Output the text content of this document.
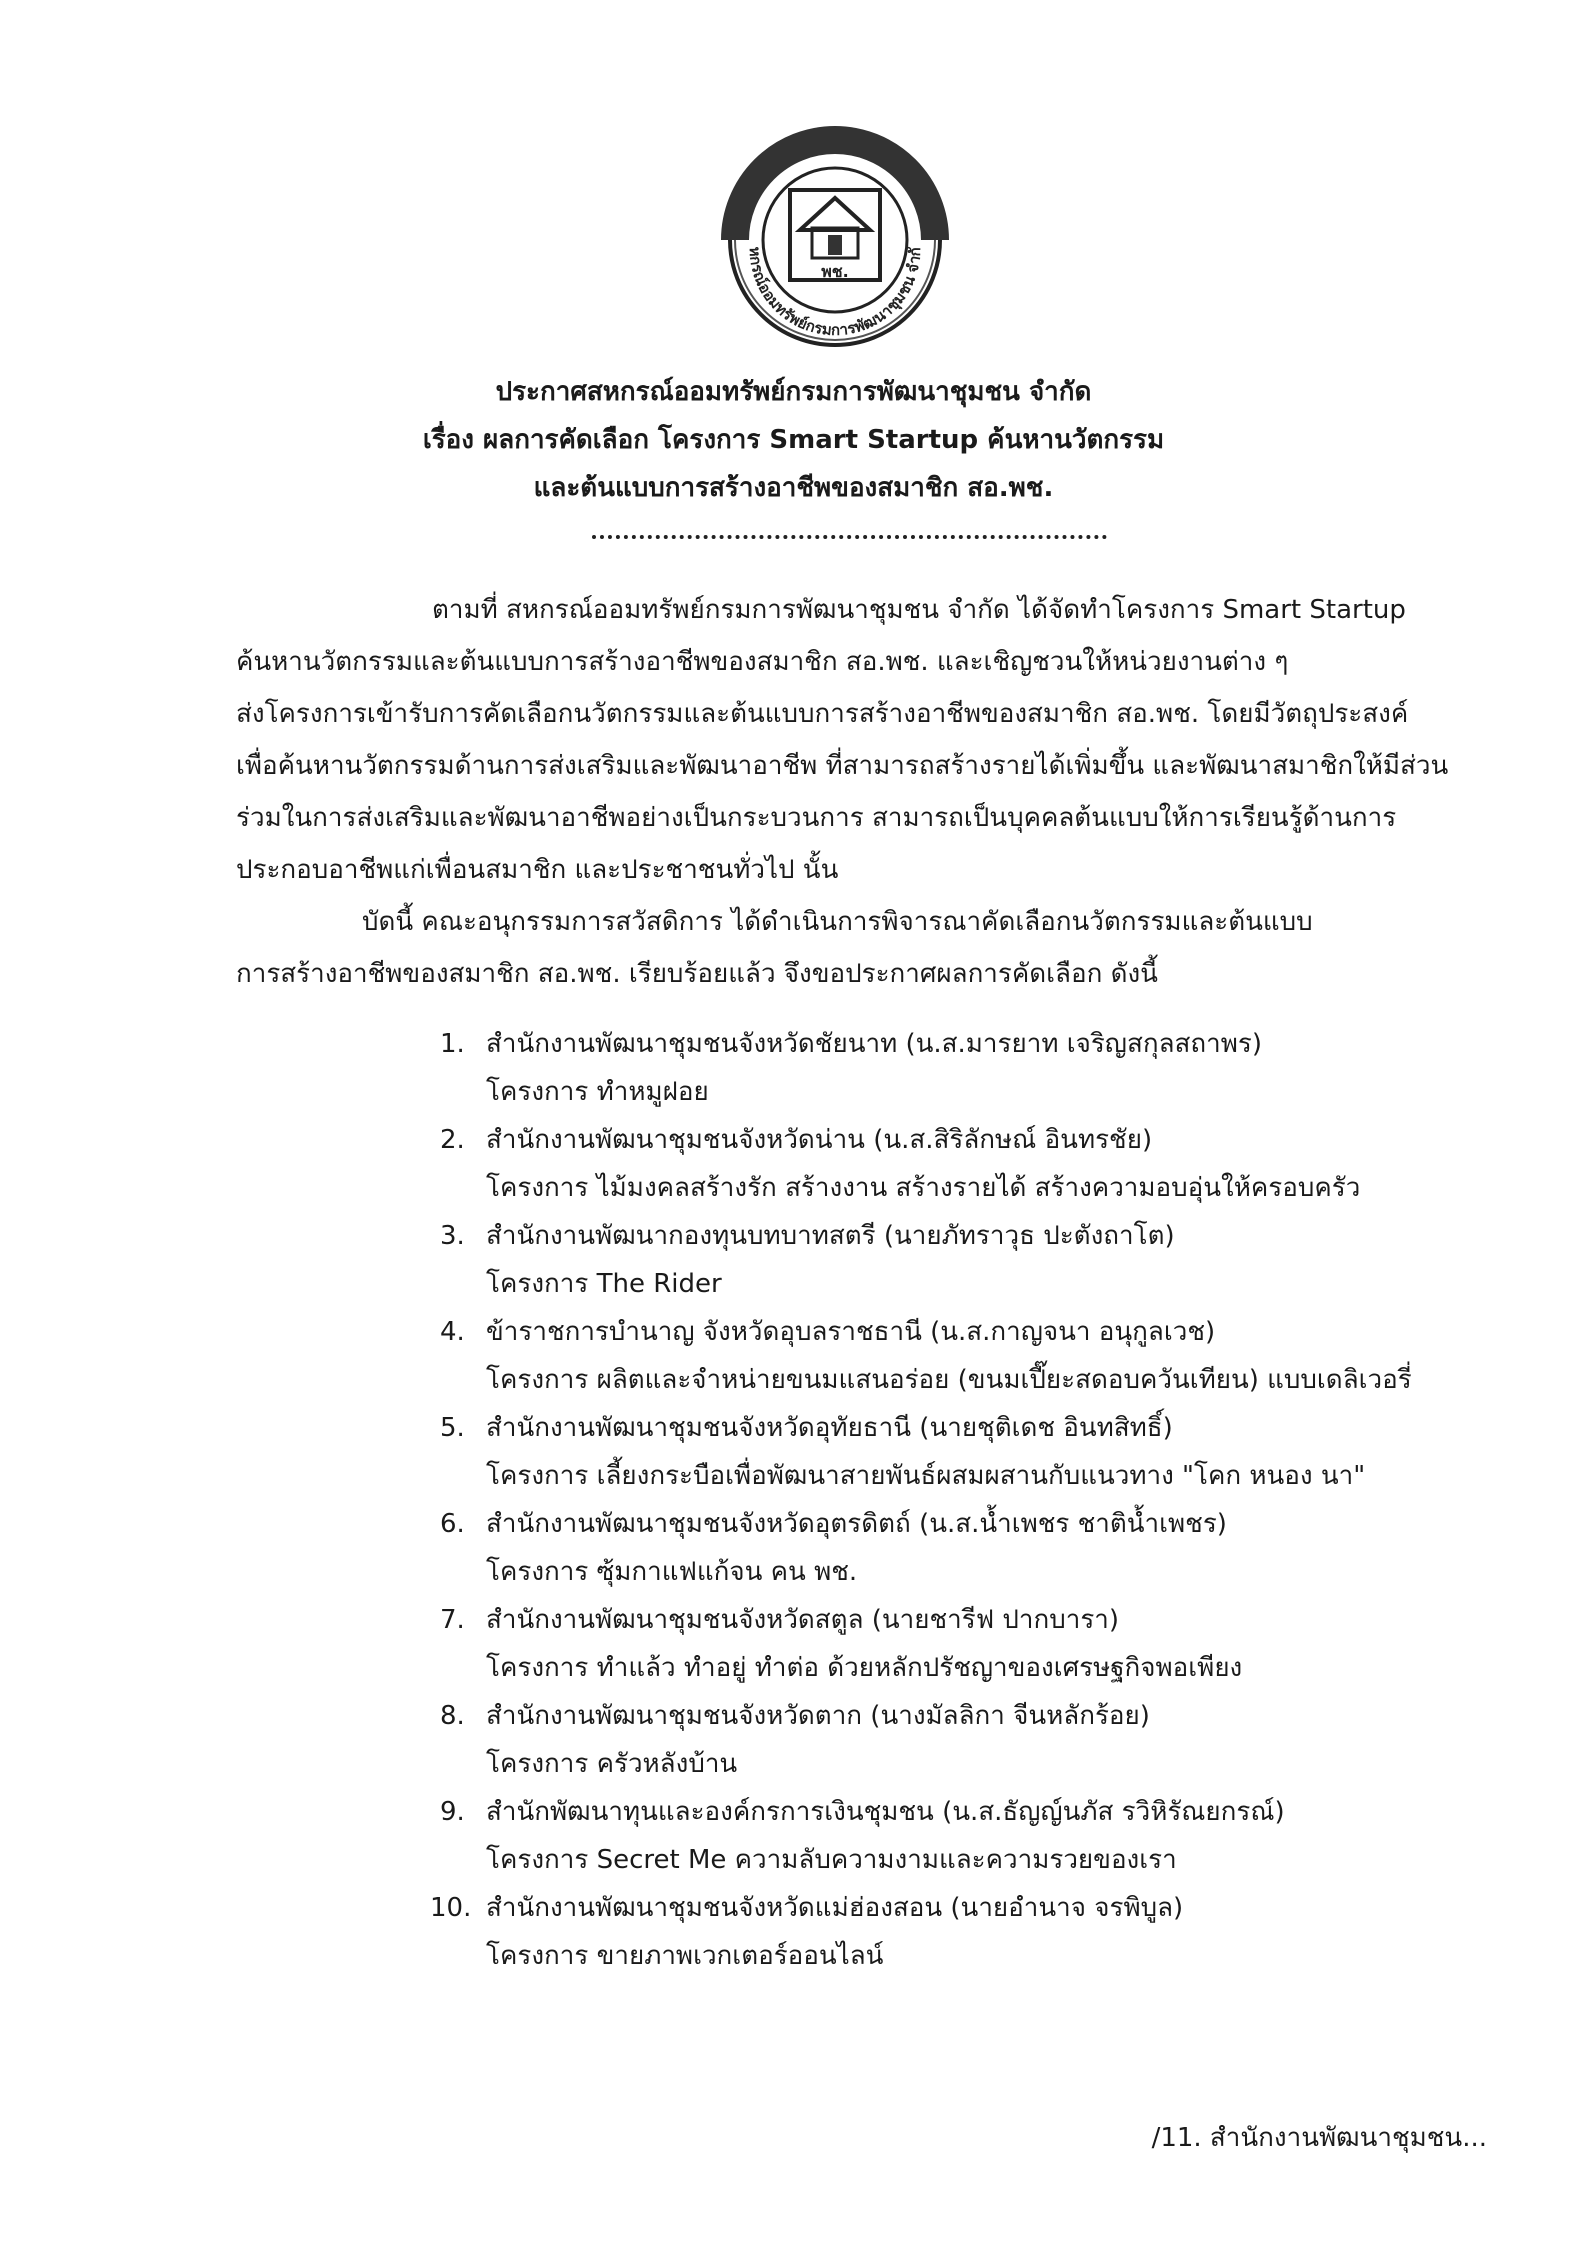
พช.
หกรณ์ออมทรัพย์กรมการพัฒนาชุมชน จำกั

ประกาศสหกรณ์ออมทรัพย์กรมการพัฒนาชุมชน จำกัด

เรื่อง ผลการคัดเลือก โครงการ Smart Startup ค้นหานวัตกรรม

และต้นแบบการสร้างอาชีพของสมาชิก สอ.พช.

ตามที่ สหกรณ์ออมทรัพย์กรมการพัฒนาชุมชน จำกัด ได้จัดทำโครงการ Smart Startup

ค้นหานวัตกรรมและต้นแบบการสร้างอาชีพของสมาชิก สอ.พช. และเชิญชวนให้หน่วยงานต่าง ๆ

ส่งโครงการเข้ารับการคัดเลือกนวัตกรรมและต้นแบบการสร้างอาชีพของสมาชิก สอ.พช. โดยมีวัตถุประสงค์

เพื่อค้นหานวัตกรรมด้านการส่งเสริมและพัฒนาอาชีพ ที่สามารถสร้างรายได้เพิ่มขึ้น และพัฒนาสมาชิกให้มีส่วน

ร่วมในการส่งเสริมและพัฒนาอาชีพอย่างเป็นกระบวนการ สามารถเป็นบุคคลต้นแบบให้การเรียนรู้ด้านการ

ประกอบอาชีพแก่เพื่อนสมาชิก และประชาชนทั่วไป นั้น

บัดนี้ คณะอนุกรรมการสวัสดิการ ได้ดำเนินการพิจารณาคัดเลือกนวัตกรรมและต้นแบบ

การสร้างอาชีพของสมาชิก สอ.พช. เรียบร้อยแล้ว จึงขอประกาศผลการคัดเลือก ดังนี้

1. สำนักงานพัฒนาชุมชนจังหวัดชัยนาท (น.ส.มารยาท เจริญสกุลสถาพร)
โครงการ ทำหมูฝอย
2. สำนักงานพัฒนาชุมชนจังหวัดน่าน (น.ส.สิริลักษณ์ อินทรชัย)
โครงการ ไม้มงคลสร้างรัก สร้างงาน สร้างรายได้ สร้างความอบอุ่นให้ครอบครัว
3. สำนักงานพัฒนากองทุนบทบาทสตรี (นายภัทราวุธ ปะตังถาโต)
โครงการ The Rider
4. ข้าราชการบำนาญ จังหวัดอุบลราชธานี (น.ส.กาญจนา อนุกูลเวช)
โครงการ ผลิตและจำหน่ายขนมแสนอร่อย (ขนมเปี๊ยะสดอบควันเทียน) แบบเดลิเวอรี่
5. สำนักงานพัฒนาชุมชนจังหวัดอุทัยธานี (นายชุติเดช อินทสิทธิ์)
โครงการ เลี้ยงกระบือเพื่อพัฒนาสายพันธ์ผสมผสานกับแนวทาง "โคก หนอง นา"
6. สำนักงานพัฒนาชุมชนจังหวัดอุตรดิตถ์ (น.ส.น้ำเพชร ชาติน้ำเพชร)
โครงการ ซุ้มกาแฟแก้จน คน พช.
7. สำนักงานพัฒนาชุมชนจังหวัดสตูล (นายชารีฟ ปากบารา)
โครงการ ทำแล้ว ทำอยู่ ทำต่อ ด้วยหลักปรัชญาของเศรษฐกิจพอเพียง
8. สำนักงานพัฒนาชุมชนจังหวัดตาก (นางมัลลิกา จีนหลักร้อย)
โครงการ ครัวหลังบ้าน
9. สำนักพัฒนาทุนและองค์กรการเงินชุมชน (น.ส.ธัญญ์นภัส รวิหิรัณยกรณ์)
โครงการ Secret Me ความลับความงามและความรวยของเรา
10. สำนักงานพัฒนาชุมชนจังหวัดแม่ฮ่องสอน (นายอำนาจ จรพิบูล)
โครงการ ขายภาพเวกเตอร์ออนไลน์
/11. สำนักงานพัฒนาชุมชน...
